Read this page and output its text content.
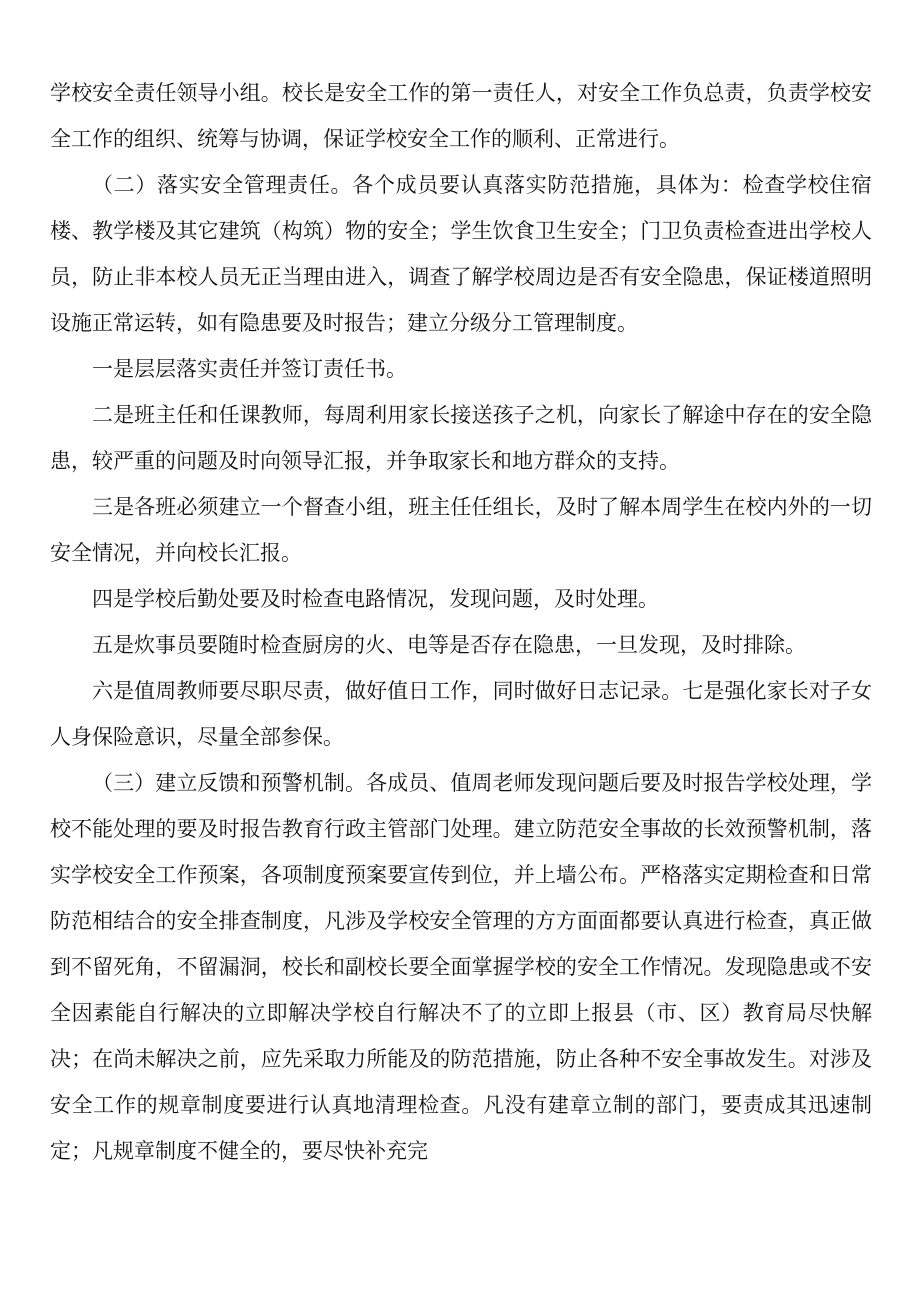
学校安全责任领导小组。校长是安全工作的第一责任人，对安全工作负总责，负责学校安全工作的组织、统筹与协调，保证学校安全工作的顺利、正常进行。

（二）落实安全管理责任。各个成员要认真落实防范措施，具体为：检查学校住宿楼、教学楼及其它建筑（构筑）物的安全；学生饮食卫生安全；门卫负责检查进出学校人员，防止非本校人员无正当理由进入，调查了解学校周边是否有安全隐患，保证楼道照明设施正常运转，如有隐患要及时报告；建立分级分工管理制度。

一是层层落实责任并签订责任书。

二是班主任和任课教师，每周利用家长接送孩子之机，向家长了解途中存在的安全隐患，较严重的问题及时向领导汇报，并争取家长和地方群众的支持。

三是各班必须建立一个督查小组，班主任任组长，及时了解本周学生在校内外的一切安全情况，并向校长汇报。

四是学校后勤处要及时检查电路情况，发现问题，及时处理。

五是炊事员要随时检查厨房的火、电等是否存在隐患，一旦发现，及时排除。

六是值周教师要尽职尽责，做好值日工作，同时做好日志记录。七是强化家长对子女人身保险意识，尽量全部参保。

（三）建立反馈和预警机制。各成员、值周老师发现问题后要及时报告学校处理，学校不能处理的要及时报告教育行政主管部门处理。建立防范安全事故的长效预警机制，落实学校安全工作预案，各项制度预案要宣传到位，并上墙公布。严格落实定期检查和日常防范相结合的安全排查制度，凡涉及学校安全管理的方方面面都要认真进行检查，真正做到不留死角，不留漏洞，校长和副校长要全面掌握学校的安全工作情况。发现隐患或不安全因素能自行解决的立即解决学校自行解决不了的立即上报县（市、区）教育局尽快解决；在尚未解决之前，应先采取力所能及的防范措施，防止各种不安全事故发生。对涉及安全工作的规章制度要进行认真地清理检查。凡没有建章立制的部门，要责成其迅速制定；凡规章制度不健全的，要尽快补充完
